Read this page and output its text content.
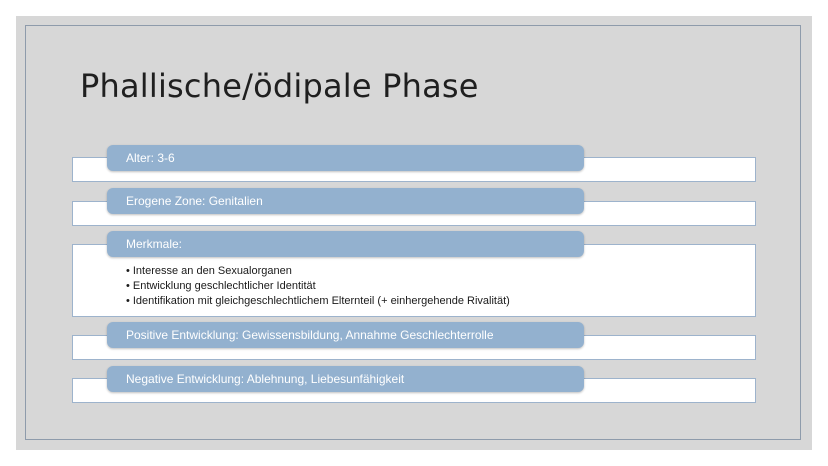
Phallische/ödipale Phase
Alter: 3-6
Erogene Zone: Genitalien
Merkmale:
• Interesse an den Sexualorganen
• Entwicklung geschlechtlicher Identität
• Identifikation mit gleichgeschlechtlichem Elternteil (+ einhergehende Rivalität)
Positive Entwicklung: Gewissensbildung, Annahme Geschlechterrolle
Negative Entwicklung: Ablehnung, Liebesunfähigkeit
